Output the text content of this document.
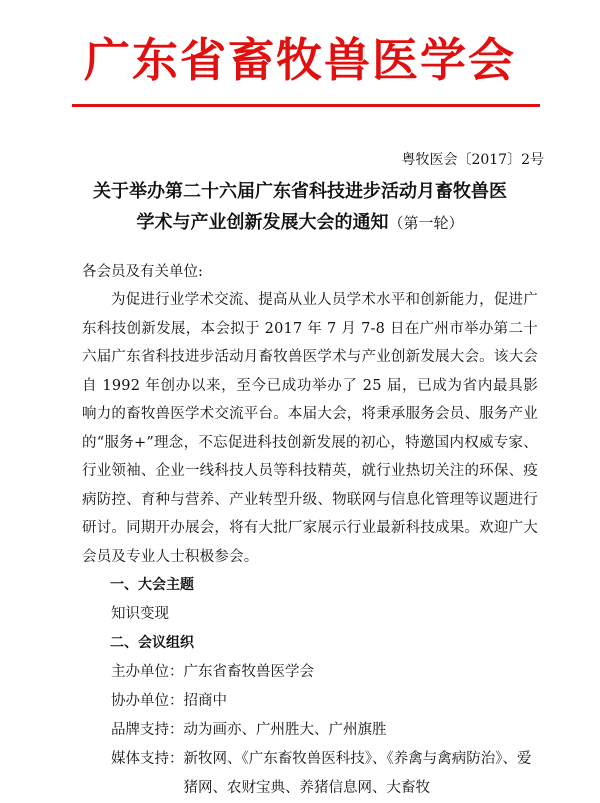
广东省畜牧兽医学会
粤牧医会〔2017〕2号
关于举办第二十六届广东省科技进步活动月畜牧兽医
学术与产业创新发展大会的通知（第一轮）

各会员及有关单位:

为促进行业学术交流、提高从业人员学术水平和创新能力，促进广东科技创新发展，本会拟于 2017 年 7 月 7-8 日在广州市举办第二十六届广东省科技进步活动月畜牧兽医学术与产业创新发展大会。该大会自 1992 年创办以来，至今已成功举办了 25 届，已成为省内最具影响力的畜牧兽医学术交流平台。本届大会，将秉承服务会员、服务产业的“服务+”理念，不忘促进科技创新发展的初心，特邀国内权威专家、行业领袖、企业一线科技人员等科技精英，就行业热切关注的环保、疫病防控、育种与营养、产业转型升级、物联网与信息化管理等议题进行研讨。同期开办展会，将有大批厂家展示行业最新科技成果。欢迎广大会员及专业人士积极参会。

一、大会主题

知识变现

二、会议组织

主办单位： 广东省畜牧兽医学会
协办单位： 招商中
品牌支持： 动为画亦、广州胜大、广州旗胜
媒体支持： 新牧网、《广东畜牧兽医科技》、《养禽与禽病防治》、爱猪网、农财宝典、养猪信息网、大畜牧
